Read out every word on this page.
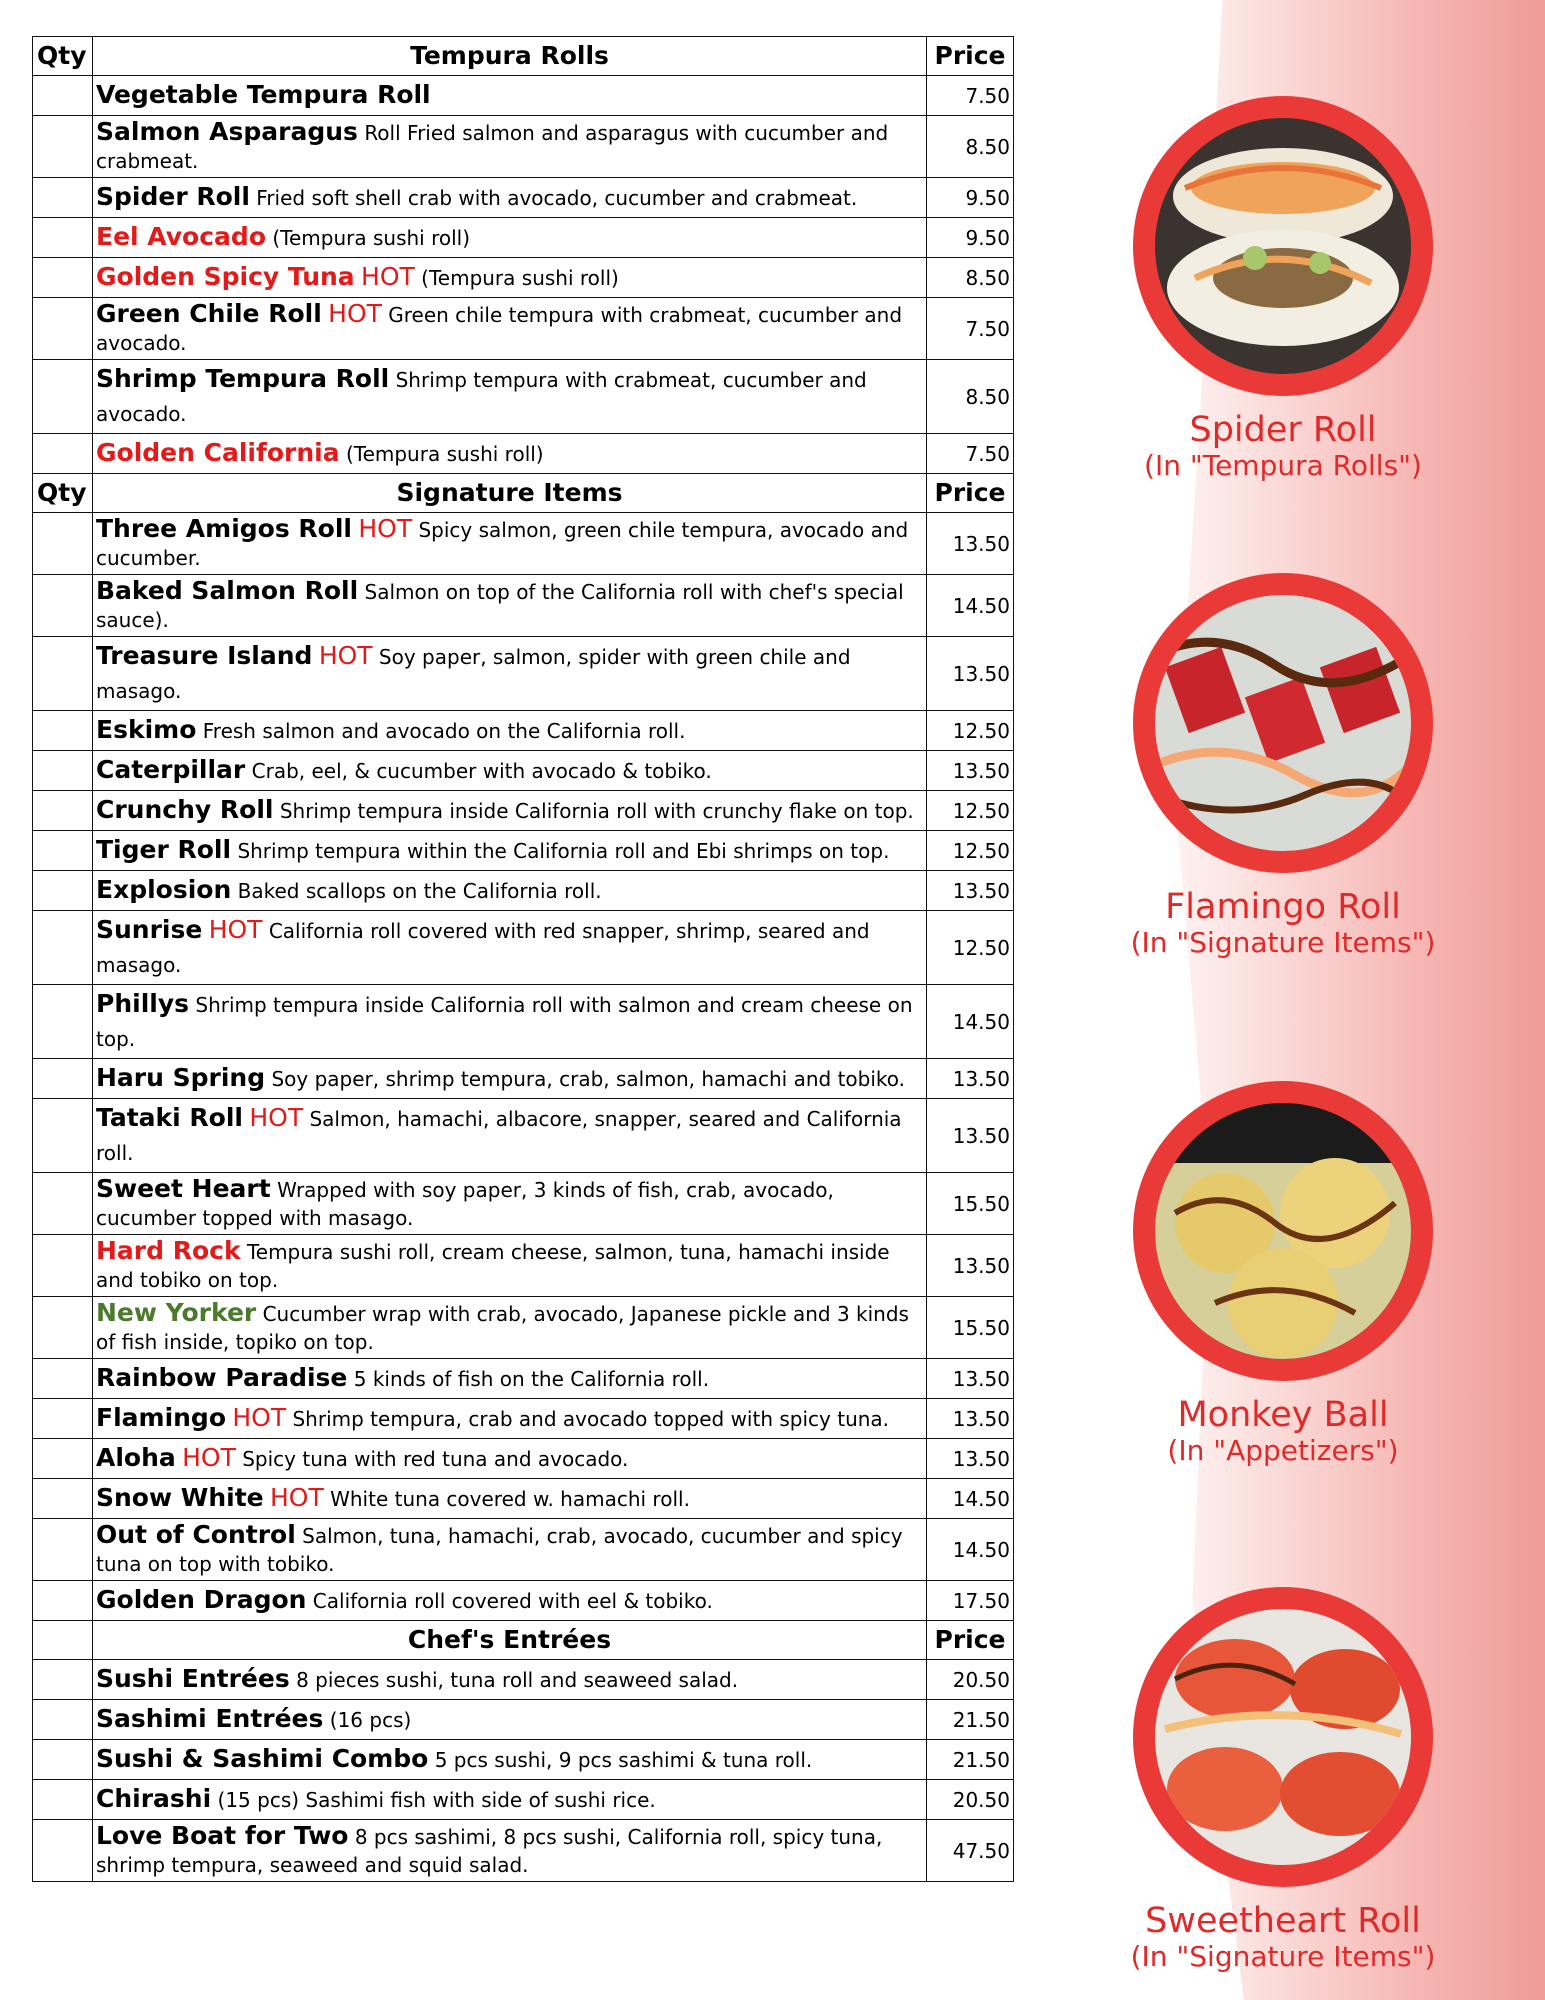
Qty	Tempura Rolls	Price
	Vegetable Tempura Roll	7.50
	Salmon Asparagus Roll Fried salmon and asparagus with cucumber and crabmeat.	8.50
	Spider Roll Fried soft shell crab with avocado, cucumber and crabmeat.	9.50
	Eel Avocado (Tempura sushi roll)	9.50
	Golden Spicy Tuna HOT (Tempura sushi roll)	8.50
	Green Chile Roll HOT Green chile tempura with crabmeat, cucumber and avocado.	7.50
	Shrimp Tempura Roll Shrimp tempura with crabmeat, cucumber and avocado.	8.50
	Golden California (Tempura sushi roll)	7.50
Qty	Signature Items	Price
	Three Amigos Roll HOT Spicy salmon, green chile tempura, avocado and cucumber.	13.50
	Baked Salmon Roll Salmon on top of the California roll with chef's special sauce).	14.50
	Treasure Island HOT Soy paper, salmon, spider with green chile and masago.	13.50
	Eskimo Fresh salmon and avocado on the California roll.	12.50
	Caterpillar Crab, eel, & cucumber with avocado & tobiko.	13.50
	Crunchy Roll Shrimp tempura inside California roll with crunchy flake on top.	12.50
	Tiger Roll Shrimp tempura within the California roll and Ebi shrimps on top.	12.50
	Explosion Baked scallops on the California roll.	13.50
	Sunrise HOT California roll covered with red snapper, shrimp, seared and masago.	12.50
	Phillys Shrimp tempura inside California roll with salmon and cream cheese on top.	14.50
	Haru Spring Soy paper, shrimp tempura, crab, salmon, hamachi and tobiko.	13.50
	Tataki Roll HOT Salmon, hamachi, albacore, snapper, seared and California roll.	13.50
	Sweet Heart Wrapped with soy paper, 3 kinds of fish, crab, avocado, cucumber topped with masago.	15.50
	Hard Rock Tempura sushi roll, cream cheese, salmon, tuna, hamachi inside and tobiko on top.	13.50
	New Yorker Cucumber wrap with crab, avocado, Japanese pickle and 3 kinds of fish inside, topiko on top.	15.50
	Rainbow Paradise 5 kinds of fish on the California roll.	13.50
	Flamingo HOT Shrimp tempura, crab and avocado topped with spicy tuna.	13.50
	Aloha HOT Spicy tuna with red tuna and avocado.	13.50
	Snow White HOT White tuna covered w. hamachi roll.	14.50
	Out of Control Salmon, tuna, hamachi, crab, avocado, cucumber and spicy tuna on top with tobiko.	14.50
	Golden Dragon California roll covered with eel & tobiko.	17.50
	Chef's Entrées	Price
	Sushi Entrées 8 pieces sushi, tuna roll and seaweed salad.	20.50
	Sashimi Entrées (16 pcs)	21.50
	Sushi & Sashimi Combo 5 pcs sushi, 9 pcs sashimi & tuna roll.	21.50
	Chirashi (15 pcs) Sashimi fish with side of sushi rice.	20.50
	Love Boat for Two 8 pcs sashimi, 8 pcs sushi, California roll, spicy tuna, shrimp tempura, seaweed and squid salad.	47.50
Spider Roll
(In "Tempura Rolls")
Flamingo Roll
(In "Signature Items")
Monkey Ball
(In "Appetizers")
Sweetheart Roll
(In "Signature Items")
